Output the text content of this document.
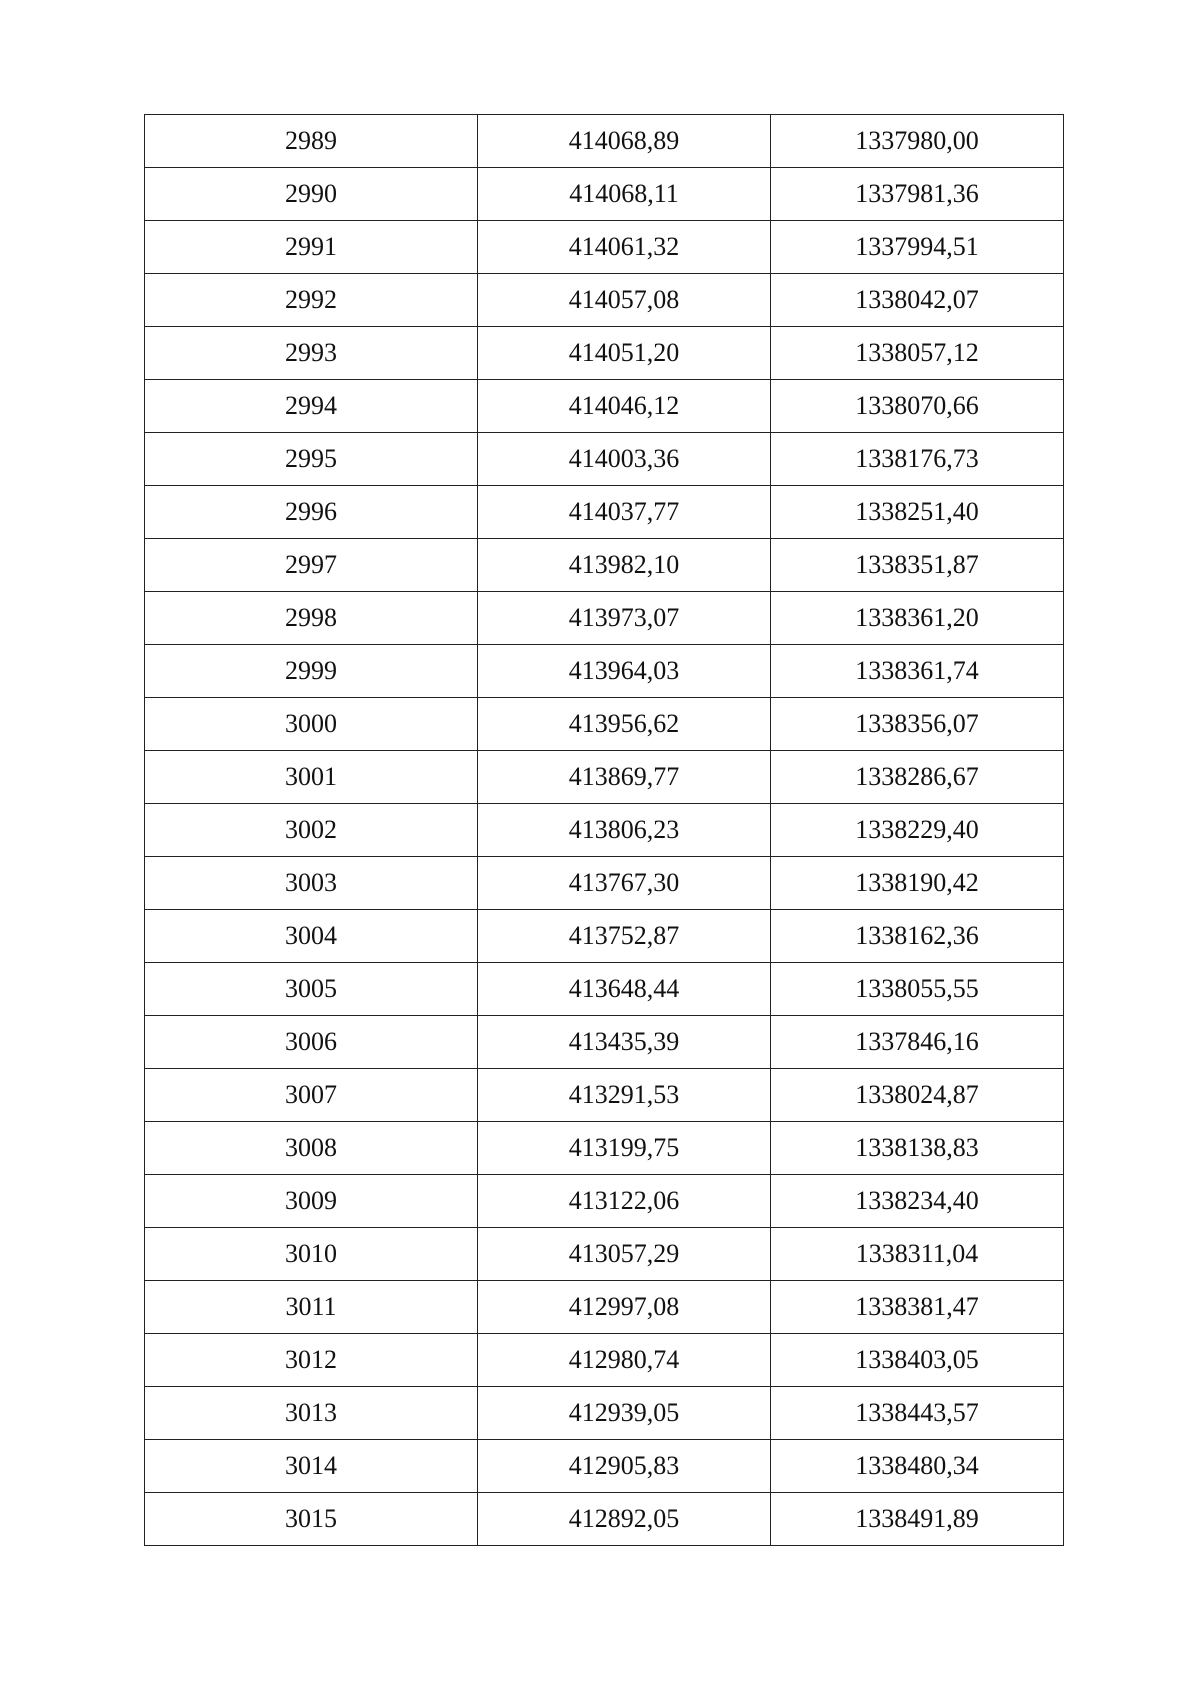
2989	414068,89	1337980,00
2990	414068,11	1337981,36
2991	414061,32	1337994,51
2992	414057,08	1338042,07
2993	414051,20	1338057,12
2994	414046,12	1338070,66
2995	414003,36	1338176,73
2996	414037,77	1338251,40
2997	413982,10	1338351,87
2998	413973,07	1338361,20
2999	413964,03	1338361,74
3000	413956,62	1338356,07
3001	413869,77	1338286,67
3002	413806,23	1338229,40
3003	413767,30	1338190,42
3004	413752,87	1338162,36
3005	413648,44	1338055,55
3006	413435,39	1337846,16
3007	413291,53	1338024,87
3008	413199,75	1338138,83
3009	413122,06	1338234,40
3010	413057,29	1338311,04
3011	412997,08	1338381,47
3012	412980,74	1338403,05
3013	412939,05	1338443,57
3014	412905,83	1338480,34
3015	412892,05	1338491,89
